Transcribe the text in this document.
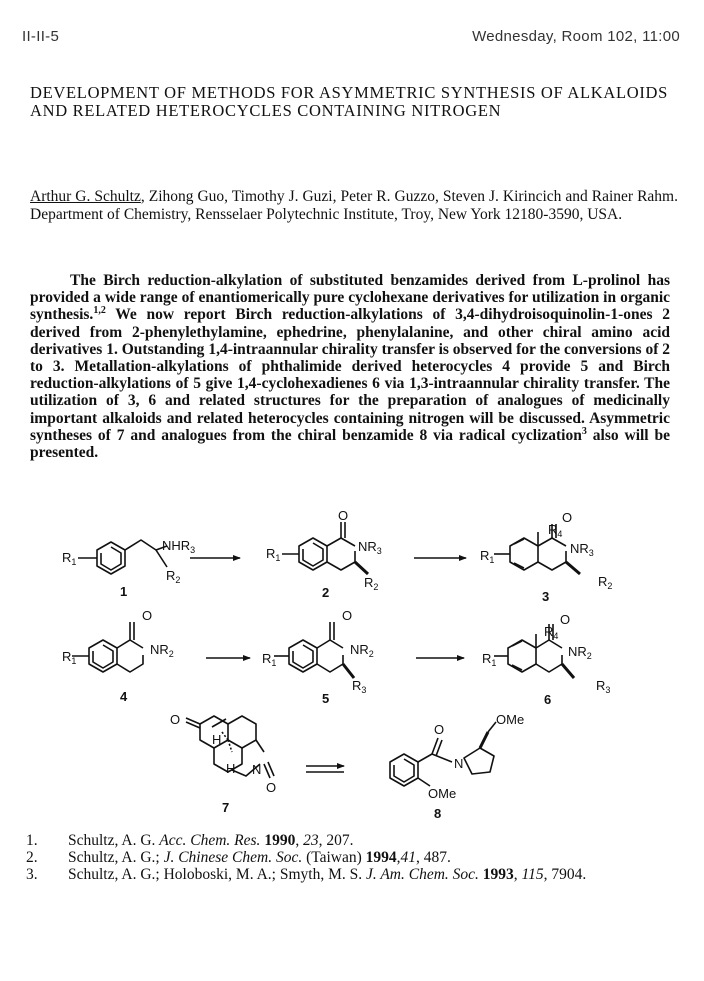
II-II-5	Wednesday, Room 102, 11:00
DEVELOPMENT OF METHODS FOR ASYMMETRIC SYNTHESIS OF ALKALOIDS AND RELATED HETEROCYCLES CONTAINING NITROGEN
Arthur G. Schultz, Zihong Guo, Timothy J. Guzi, Peter R. Guzzo, Steven J. Kirincich and Rainer Rahm. Department of Chemistry, Rensselaer Polytechnic Institute, Troy, New York 12180-3590, USA.

The Birch reduction-alkylation of substituted benzamides derived from L-prolinol has provided a wide range of enantiomerically pure cyclohexane derivatives for utilization in organic synthesis.$^{1,2}$ We now report Birch reduction-alkylations of 3,4-dihydroisoquinolin-1-ones 2 derived from 2-phenylethylamine, ephedrine, phenylalanine, and other chiral amino acid derivatives 1. Outstanding 1,4-intraannular chirality transfer is observed for the conversions of 2 to 3. Metallation-alkylations of phthalimide derived heterocycles 4 provide 5 and Birch reduction-alkylations of 5 give 1,4-cyclohexadienes 6 via 1,3-intraannular chirality transfer. The utilization of 3, 6 and related structures for the preparation of analogues of medicinally important alkaloids and related heterocycles containing nitrogen will be discussed. Asymmetric syntheses of 7 and analogues from the chiral benzamide 8 via radical cyclization$^3$ also will be presented.

$R_1$
$NHR_3$
$R_2$
1
$R_1$
O
$NR_3$
$R_2$
2
$R_1$
$R_4$
O
$NR_3$
$R_2$
3
$R_1$
O
$NR_2$
4
$R_1$
O
$NR_2$
$R_3$
5
$R_1$
$R_4$
O
$NR_2$
$R_3$
6
O
H
H N
O
7
O
N
OMe
OMe
8
1.	Schultz, A. G. Acc. Chem. Res. 1990, 23, 207.
2.	Schultz, A. G.; J. Chinese Chem. Soc. (Taiwan) 1994,41, 487.
3.	Schultz, A. G.; Holoboski, M. A.; Smyth, M. S. J. Am. Chem. Soc. 1993, 115, 7904.
